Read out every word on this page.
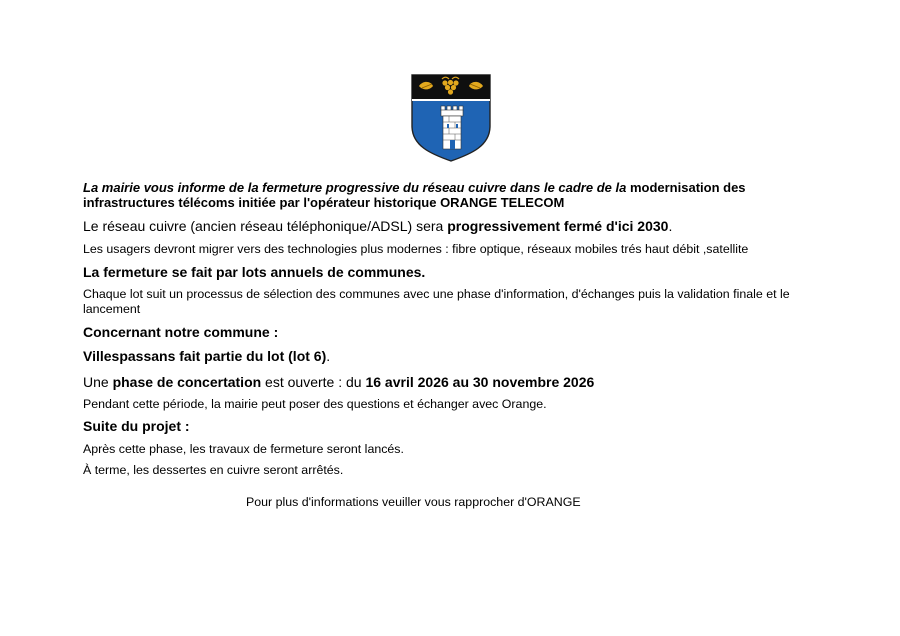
La mairie vous informe de la fermeture progressive du réseau cuivre dans le cadre de la modernisation des infrastructures télécoms initiée par l'opérateur historique ORANGE TELECOM

Le réseau cuivre (ancien réseau téléphonique/ADSL) sera progressivement fermé d'ici 2030.

Les usagers devront migrer vers des technologies plus modernes : fibre optique, réseaux mobiles trés haut débit ,satellite

La fermeture se fait par lots annuels de communes.

Chaque lot suit un processus de sélection des communes avec une phase d'information, d'échanges puis la validation finale et le lancement

Concernant notre commune :

Villespassans fait partie du lot (lot 6).

Une phase de concertation est ouverte : du 16 avril 2026 au 30 novembre 2026

Pendant cette période, la mairie peut poser des questions et échanger avec Orange.

Suite du projet :

Après cette phase, les travaux de fermeture seront lancés.

À terme, les dessertes en cuivre seront arrêtés.

Pour plus d'informations veuiller vous rapprocher d'ORANGE
